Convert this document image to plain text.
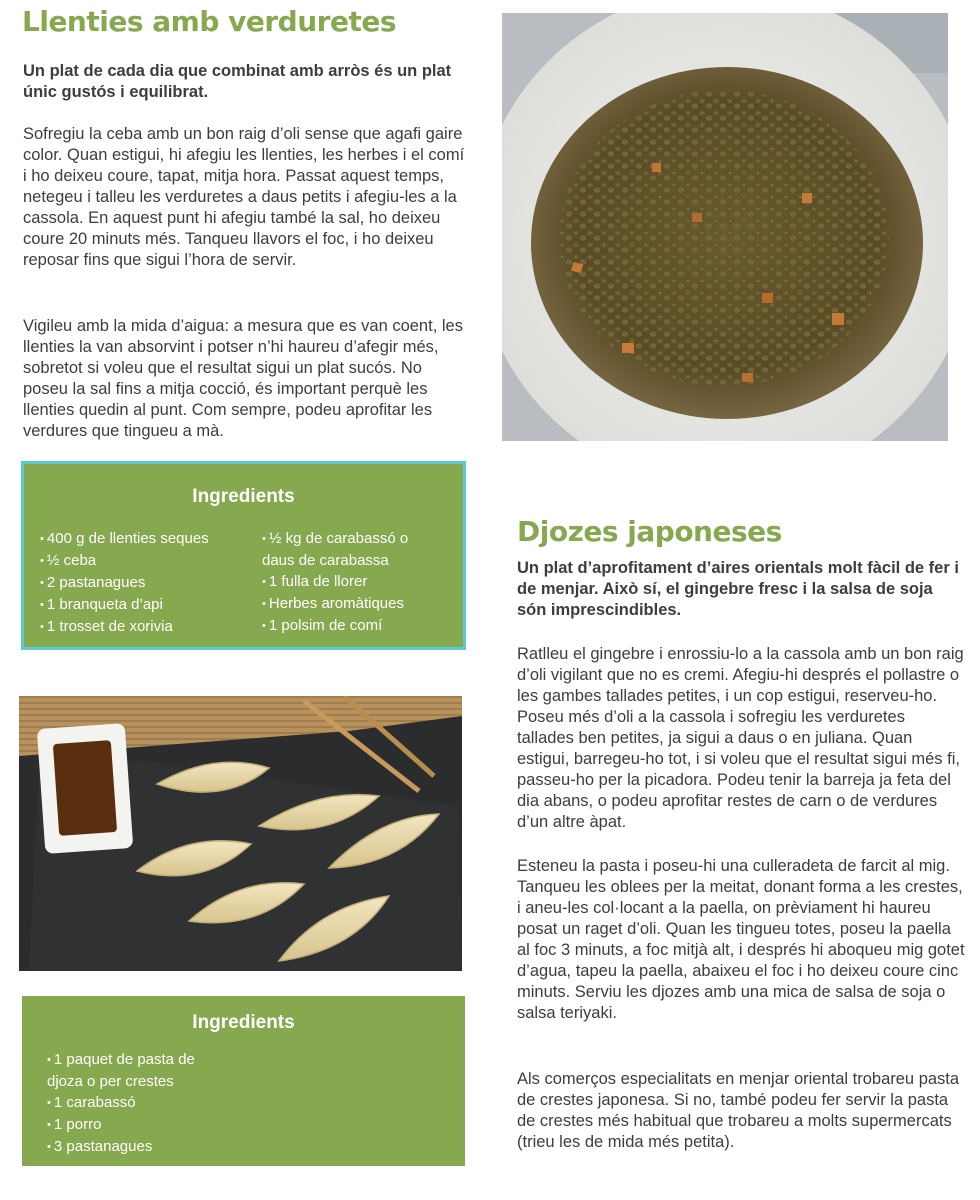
Llenties amb verduretes

Un plat de cada dia que combinat amb arròs és un plat únic gustós i equilibrat.

Sofregiu la ceba amb un bon raig d’oli sense que agafi gaire color. Quan estigui, hi afegiu les llenties, les herbes i el comí i ho deixeu coure, tapat, mitja hora. Passat aquest temps, netegeu i talleu les verduretes a daus petits i afegiu-les a la cassola. En aquest punt hi afegiu també la sal, ho deixeu coure 20 minuts més. Tanqueu llavors el foc, i ho deixeu reposar fins que sigui l’hora de servir.

Vigileu amb la mida d’aigua: a mesura que es van coent, les llenties la van absorvint i potser n’hi haureu d’afegir més, sobretot si voleu que el resultat sigui un plat sucós. No poseu la sal fins a mitja cocció, és important perquè les llenties quedin al punt. Com sempre, podeu aprofitar les verdures que tingueu a mà.

Ingredients
• 400 g de llenties seques
• ½ ceba
• 2 pastanagues
• 1 branqueta d’api
• 1 trosset de xorivia
• ½ kg de carabassó o daus de carabassa
• 1 fulla de llorer
• Herbes aromàtiques
• 1 polsim de comí
Ingredients
• 1 paquet de pasta de djoza o per crestes
• 1 carabassó
• 1 porro
• 3 pastanagues
Djozes japoneses

Un plat d’aprofitament d’aires orientals molt fàcil de fer i de menjar. Això sí, el gingebre fresc i la salsa de soja són imprescindibles.

Ratlleu el gingebre i enrossiu-lo a la cassola amb un bon raig d’oli vigilant que no es cremi. Afegiu-hi després el pollastre o les gambes tallades petites, i un cop estigui, reserveu-ho. Poseu més d’oli a la cassola i sofregiu les verduretes tallades ben petites, ja sigui a daus o en juliana. Quan estigui, barregeu-ho tot, i si voleu que el resultat sigui més fi, passeu-ho per la picadora. Podeu tenir la barreja ja feta del dia abans, o podeu aprofitar restes de carn o de verdures d’un altre àpat.

Esteneu la pasta i poseu-hi una culleradeta de farcit al mig. Tanqueu les oblees per la meitat, donant forma a les crestes, i aneu-les col·locant a la paella, on prèviament hi haureu posat un raget d’oli. Quan les tingueu totes, poseu la paella al foc 3 minuts, a foc mitjà alt, i després hi aboqueu mig gotet d’agua, tapeu la paella, abaixeu el foc i ho deixeu coure cinc minuts. Serviu les djozes amb una mica de salsa de soja o salsa teriyaki.

Als comerços especialitats en menjar oriental trobareu pasta de crestes japonesa. Si no, també podeu fer servir la pasta de crestes més habitual que trobareu a molts supermercats (trieu les de mida més petita).
